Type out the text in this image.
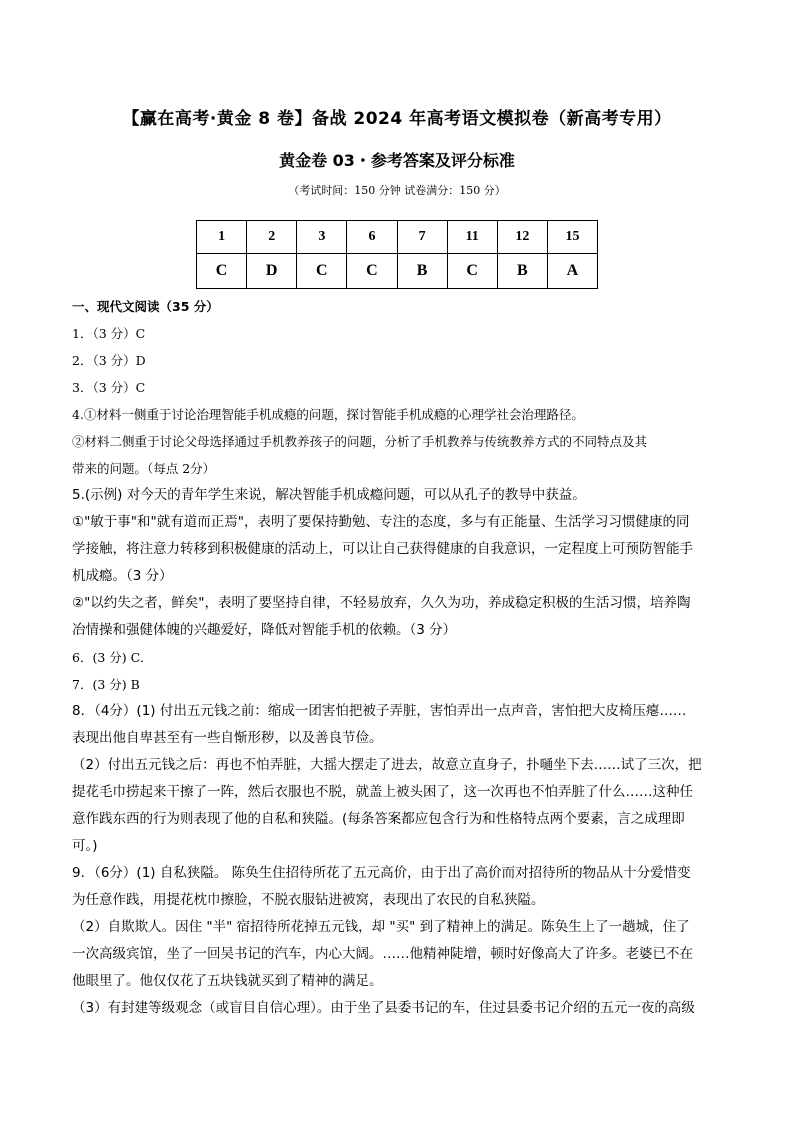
【赢在高考·黄金 8 卷】备战 2024 年高考语文模拟卷（新高考专用）
黄金卷 03・参考答案及评分标准
（考试时间：150 分钟 试卷满分：150 分）
1	2	3	6	7	11	12	15
C	D	C	C	B	C	B	A

一、现代文阅读（35 分）

1．（3 分）C

2．（3 分）D

3．（3 分）C

4.①材料一侧重于讨论治理智能手机成瘾的问题，探讨智能手机成瘾的心理学社会治理路径。

②材料二侧重于讨论父母选择通过手机教养孩子的问题，分析了手机教养与传统教养方式的不同特点及其

带来的问题。（每点 2分）

5.(示例) 对今天的青年学生来说，解决智能手机成瘾问题，可以从孔子的教导中获益。

①"敏于事"和"就有道而正焉"，表明了要保持勤勉、专注的态度，多与有正能量、生活学习习惯健康的同

学接触，将注意力转移到积极健康的活动上，可以让自己获得健康的自我意识，一定程度上可预防智能手

机成瘾。（3 分）

②"以约失之者，鲜矣"，表明了要坚持自律，不轻易放弃，久久为功，养成稳定积极的生活习惯，培养陶

冶情操和强健体魄的兴趣爱好，降低对智能手机的依赖。（3 分）

6．(3 分) C．

7．(3 分) B

8．（4分）(1) 付出五元钱之前：缩成一团害怕把被子弄脏，害怕弄出一点声音，害怕把大皮椅压瘪……

表现出他自卑甚至有一些自惭形秽，以及善良节俭。

（2）付出五元钱之后：再也不怕弄脏，大摇大摆走了进去，故意立直身子，扑嗵坐下去……试了三次，把

提花毛巾捞起来干擦了一阵，然后衣服也不脱，就盖上被头困了，这一次再也不怕弄脏了什么……这种任

意作践东西的行为则表现了他的自私和狭隘。(每条答案都应包含行为和性格特点两个要素，言之成理即

可。)

9．（6分）(1) 自私狭隘。 陈奂生住招待所花了五元高价，由于出了高价而对招待所的物品从十分爱惜变

为任意作践，用提花枕巾擦脸，不脱衣服钻进被窝，表现出了农民的自私狭隘。

（2）自欺欺人。因住 "半" 宿招待所花掉五元钱，却 "买" 到了精神上的满足。陈奂生上了一趟城，住了

一次高级宾馆，坐了一回吴书记的汽车，内心大阔。……他精神陡增，顿时好像高大了许多。老婆已不在

他眼里了。他仅仅花了五块钱就买到了精神的满足。

（3）有封建等级观念（或盲目自信心理）。由于坐了县委书记的车，住过县委书记介绍的五元一夜的高级
